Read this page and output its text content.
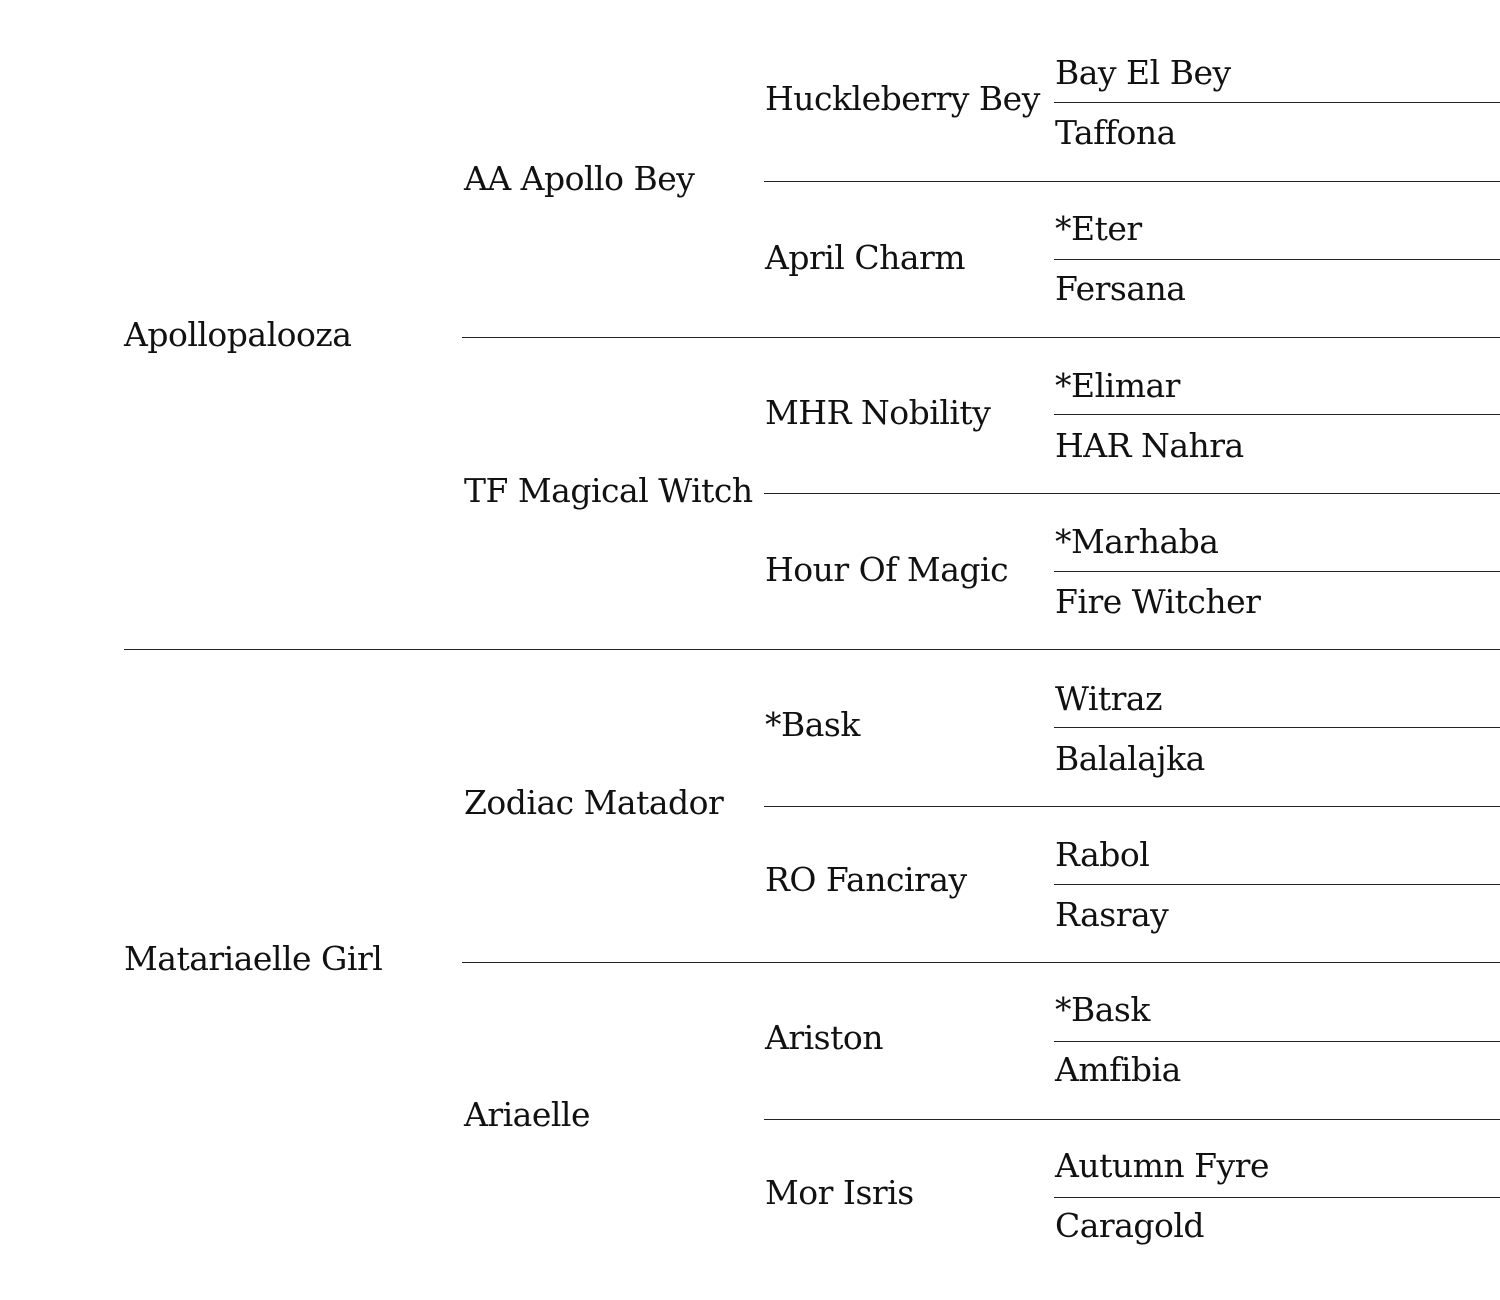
Apollopalooza
Matariaelle Girl
AA Apollo Bey
TF Magical Witch
Zodiac Matador
Ariaelle
Huckleberry Bey
April Charm
MHR Nobility
Hour Of Magic
*Bask
RO Fanciray
Ariston
Mor Isris
Bay El Bey
Taffona
*Eter
Fersana
*Elimar
HAR Nahra
*Marhaba
Fire Witcher
Witraz
Balalajka
Rabol
Rasray
*Bask
Amfibia
Autumn Fyre
Caragold
